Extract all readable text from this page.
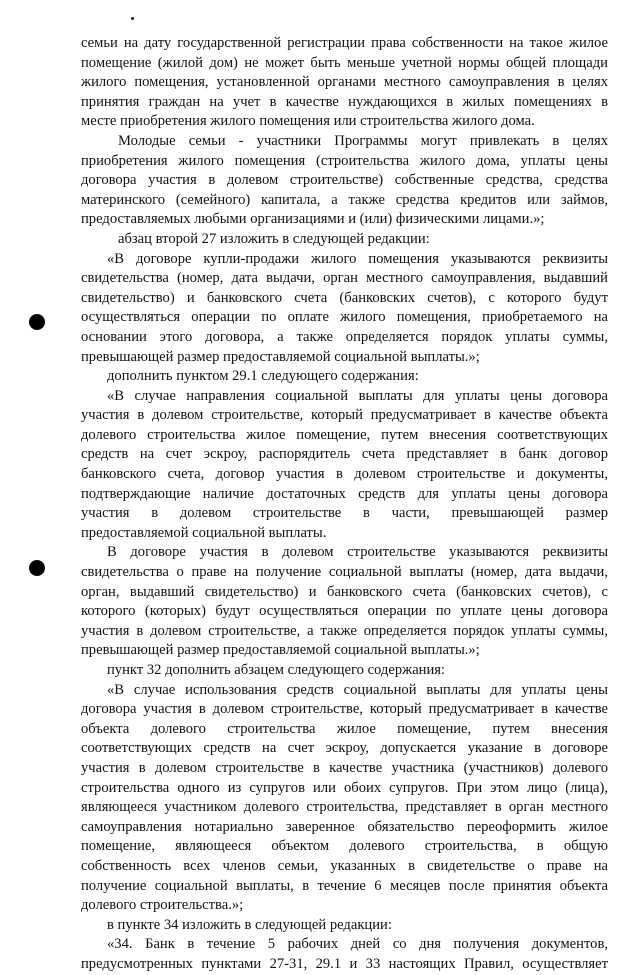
семьи на дату государственной регистрации права собственности на такое жилое
помещение (жилой дом) не может быть меньше учетной нормы общей площади
жилого помещения, установленной органами местного самоуправления в целях
принятия граждан на учет в качестве нуждающихся в жилых помещениях в
месте приобретения жилого помещения или строительства жилого дома.
Молодые семьи - участники Программы могут привлекать в целях
приобретения жилого помещения (строительства жилого дома, уплаты цены
договора участия в долевом строительстве) собственные средства, средства
материнского (семейного) капитала, а также средства кредитов или займов,
предоставляемых любыми организациями и (или) физическими лицами.»;
абзац второй 27 изложить в следующей редакции:
«В договоре купли-продажи жилого помещения указываются реквизиты
свидетельства (номер, дата выдачи, орган местного самоуправления, выдавший
свидетельство) и банковского счета (банковских счетов), с которого будут
осуществляться операции по оплате жилого помещения, приобретаемого на
основании этого договора, а также определяется порядок уплаты суммы,
превышающей размер предоставляемой социальной выплаты.»;
дополнить пунктом 29.1 следующего содержания:
«В случае направления социальной выплаты для уплаты цены договора
участия в долевом строительстве, который предусматривает в качестве объекта
долевого строительства жилое помещение, путем внесения соответствующих
средств на счет эскроу, распорядитель счета представляет в банк договор
банковского счета, договор участия в долевом строительстве и документы,
подтверждающие наличие достаточных средств для уплаты цены договора
участия в долевом строительстве в части, превышающей размер
предоставляемой социальной выплаты.
В договоре участия в долевом строительстве указываются реквизиты
свидетельства о праве на получение социальной выплаты (номер, дата выдачи,
орган, выдавший свидетельство) и банковского счета (банковских счетов), с
которого (которых) будут осуществляться операции по уплате цены договора
участия в долевом строительстве, а также определяется порядок уплаты суммы,
превышающей размер предоставляемой социальной выплаты.»;
пункт 32 дополнить абзацем следующего содержания:
«В случае использования средств социальной выплаты для уплаты цены
договора участия в долевом строительстве, который предусматривает в качестве
объекта долевого строительства жилое помещение, путем внесения
соответствующих средств на счет эскроу, допускается указание в договоре
участия в долевом строительстве в качестве участника (участников) долевого
строительства одного из супругов или обоих супругов. При этом лицо (лица),
являющееся участником долевого строительства, представляет в орган местного
самоуправления нотариально заверенное обязательство переоформить жилое
помещение, являющееся объектом долевого строительства, в общую
собственность всех членов семьи, указанных в свидетельстве о праве на
получение социальной выплаты, в течение 6 месяцев после принятия объекта
долевого строительства.»;
в пункте 34 изложить в следующей редакции:
«34. Банк в течение 5 рабочих дней со дня получения документов,
предусмотренных пунктами 27-31, 29.1 и 33 настоящих Правил, осуществляет
